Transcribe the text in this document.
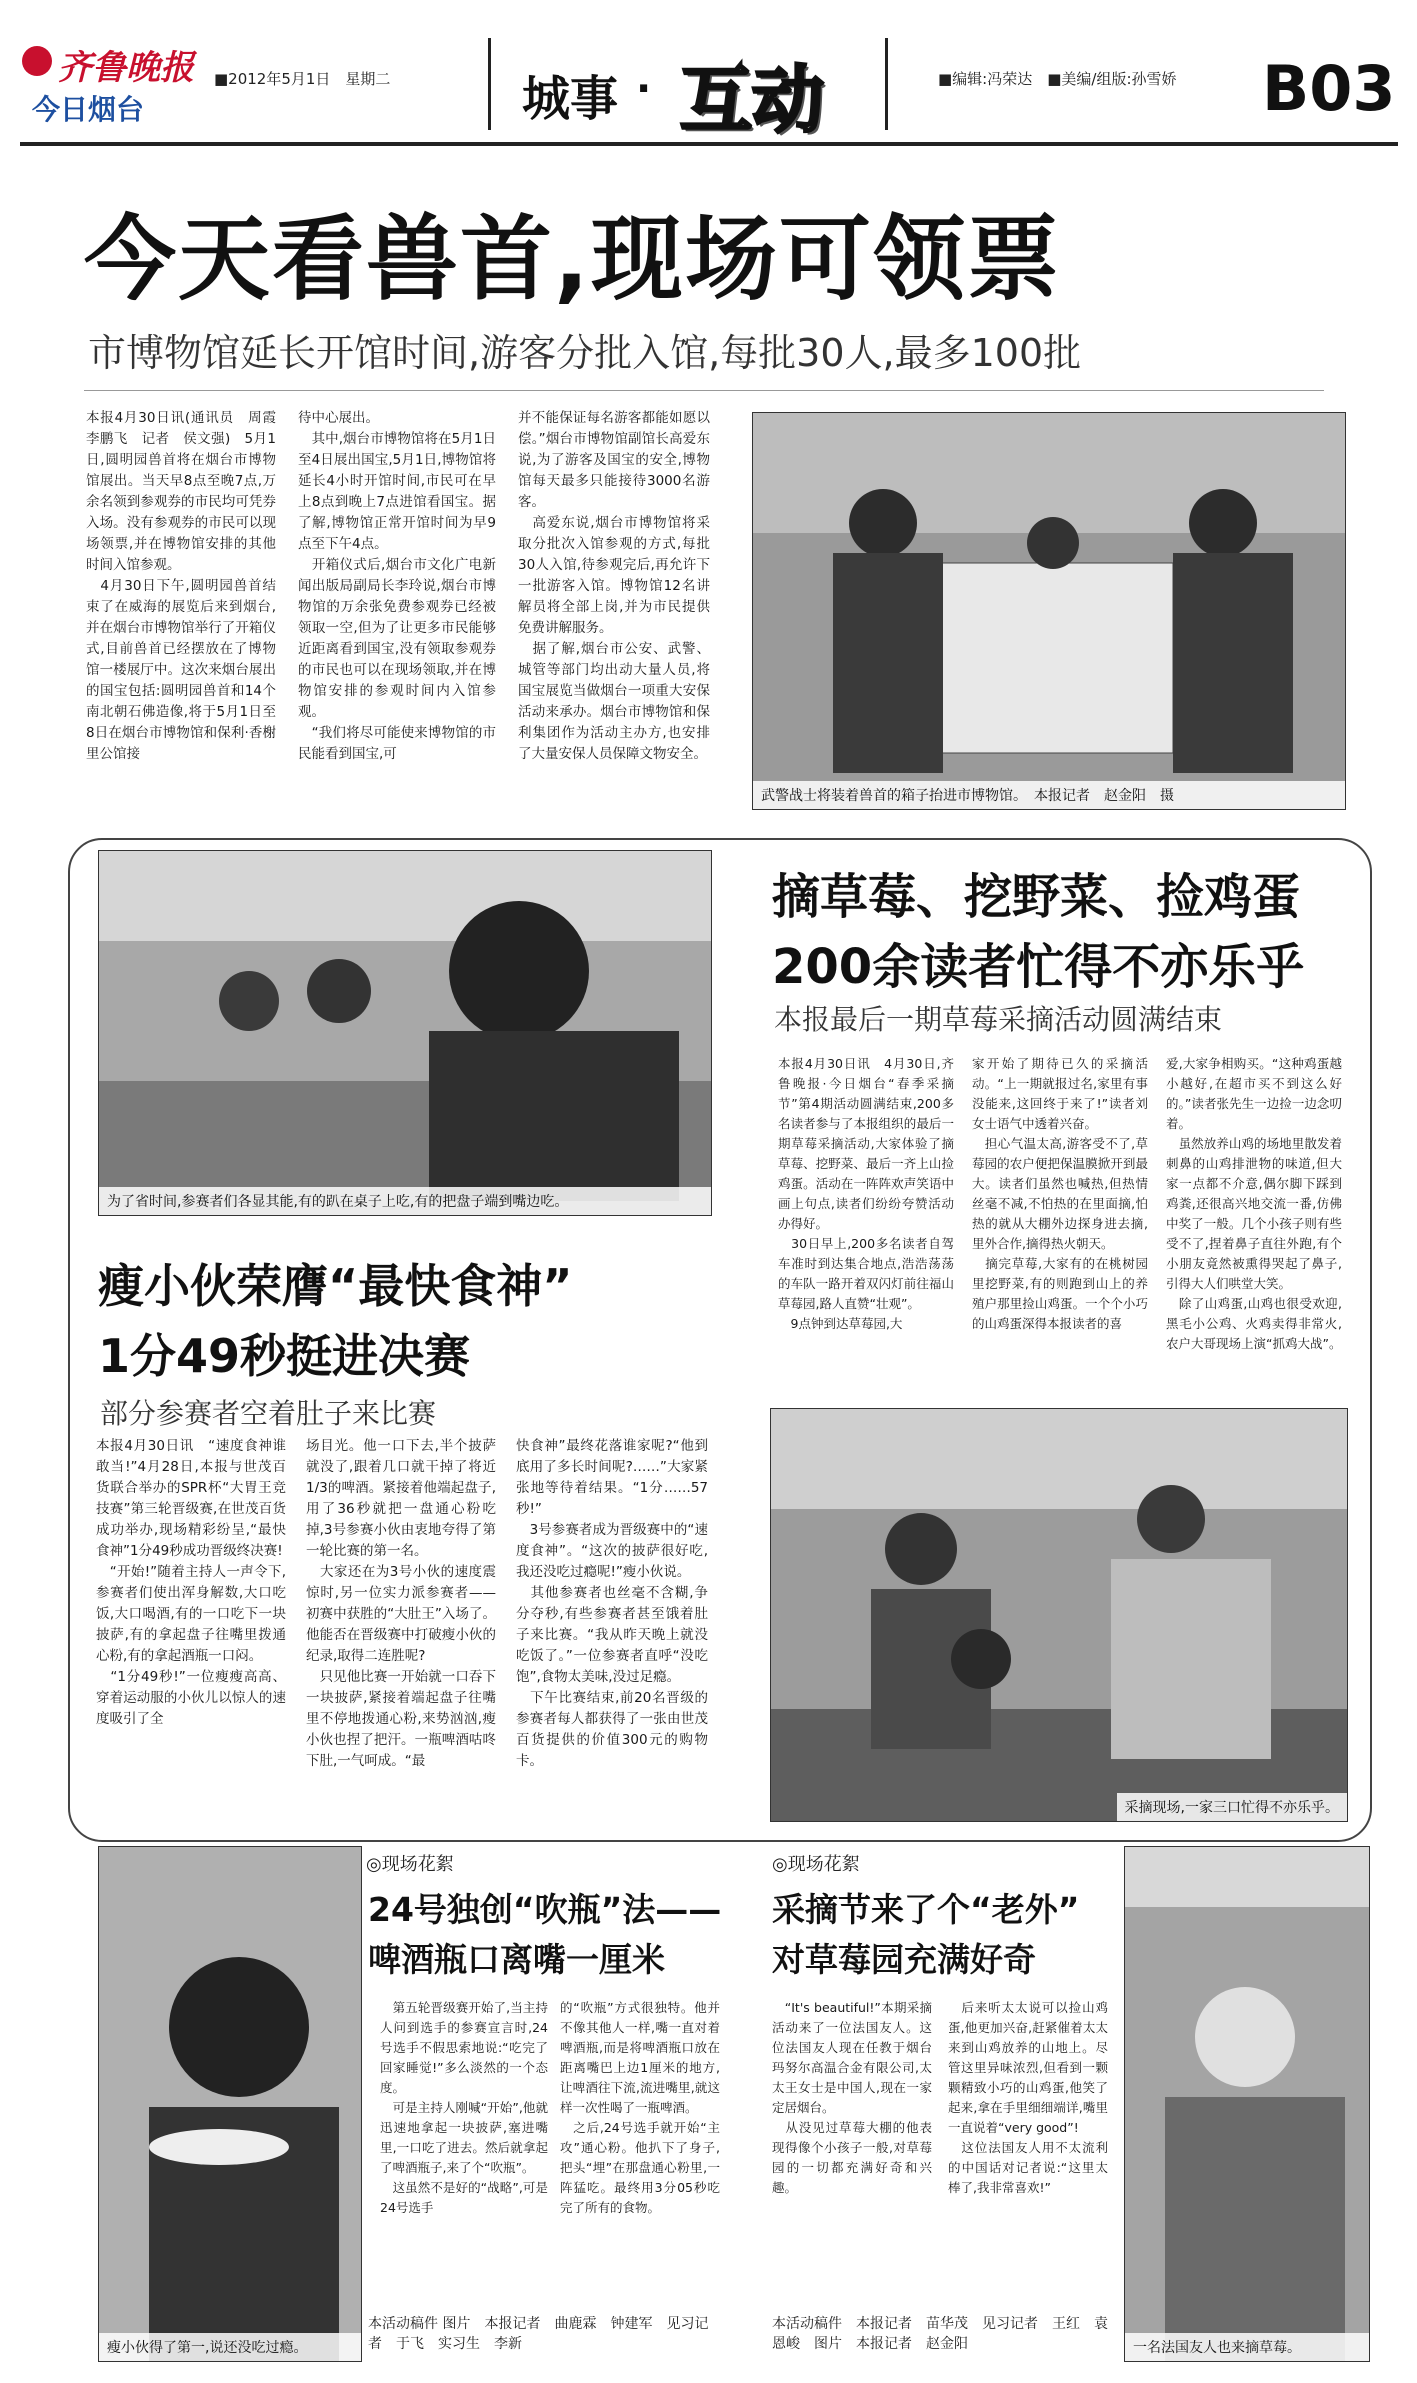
齐鲁晚报
今日烟台
■2012年5月1日　星期二	城事 · 互动	■编辑:冯荣达　■美编/组版:孙雪娇 B03
今天看兽首,现场可领票
市博物馆延长开馆时间,游客分批入馆,每批30人,最多100批
本报4月30日讯(通讯员　周霞　李鹏飞　记者　侯文强)　5月1日,圆明园兽首将在烟台市博物馆展出。当天早8点至晚7点,万余名领到参观券的市民均可凭券入场。没有参观券的市民可以现场领票,并在博物馆安排的其他时间入馆参观。
　4月30日下午,圆明园兽首结束了在威海的展览后来到烟台,并在烟台市博物馆举行了开箱仪式,目前兽首已经摆放在了博物馆一楼展厅中。这次来烟台展出的国宝包括:圆明园兽首和14个南北朝石佛造像,将于5月1日至8日在烟台市博物馆和保利·香榭里公馆接
待中心展出。
　其中,烟台市博物馆将在5月1日至4日展出国宝,5月1日,博物馆将延长4小时开馆时间,市民可在早上8点到晚上7点进馆看国宝。据了解,博物馆正常开馆时间为早9点至下午4点。
　开箱仪式后,烟台市文化广电新闻出版局副局长李玲说,烟台市博物馆的万余张免费参观券已经被领取一空,但为了让更多市民能够近距离看到国宝,没有领取参观券的市民也可以在现场领取,并在博物馆安排的参观时间内入馆参观。
　“我们将尽可能使来博物馆的市民能看到国宝,可
并不能保证每名游客都能如愿以偿。”烟台市博物馆副馆长高爱东说,为了游客及国宝的安全,博物馆每天最多只能接待3000名游客。
　高爱东说,烟台市博物馆将采取分批次入馆参观的方式,每批30人入馆,待参观完后,再允许下一批游客入馆。博物馆12名讲解员将全部上岗,并为市民提供免费讲解服务。
　据了解,烟台市公安、武警、城管等部门均出动大量人员,将国宝展览当做烟台一项重大安保活动来承办。烟台市博物馆和保利集团作为活动主办方,也安排了大量安保人员保障文物安全。
武警战士将装着兽首的箱子抬进市博物馆。　本报记者　赵金阳　摄
为了省时间,参赛者们各显其能,有的趴在桌子上吃,有的把盘子端到嘴边吃。
摘草莓、挖野菜、捡鸡蛋
200余读者忙得不亦乐乎
本报最后一期草莓采摘活动圆满结束
本报4月30日讯　4月30日,齐鲁晚报·今日烟台“春季采摘节”第4期活动圆满结束,200多名读者参与了本报组织的最后一期草莓采摘活动,大家体验了摘草莓、挖野菜、最后一齐上山捡鸡蛋。活动在一阵阵欢声笑语中画上句点,读者们纷纷夸赞活动办得好。
　30日早上,200多名读者自驾车准时到达集合地点,浩浩荡荡的车队一路开着双闪灯前往福山草莓园,路人直赞“壮观”。
　9点钟到达草莓园,大
家开始了期待已久的采摘活动。“上一期就报过名,家里有事没能来,这回终于来了!”读者刘女士语气中透着兴奋。
　担心气温太高,游客受不了,草莓园的农户便把保温膜掀开到最大。读者们虽然也喊热,但热情丝毫不减,不怕热的在里面摘,怕热的就从大棚外边探身进去摘,里外合作,摘得热火朝天。
　摘完草莓,大家有的在桃树园里挖野菜,有的则跑到山上的养殖户那里捡山鸡蛋。一个个小巧的山鸡蛋深得本报读者的喜
爱,大家争相购买。“这种鸡蛋越小越好,在超市买不到这么好的。”读者张先生一边捡一边念叨着。
　虽然放养山鸡的场地里散发着刺鼻的山鸡排泄物的味道,但大家一点都不介意,偶尔脚下踩到鸡粪,还很高兴地交流一番,仿佛中奖了一般。几个小孩子则有些受不了,捏着鼻子直往外跑,有个小朋友竟然被熏得哭起了鼻子,引得大人们哄堂大笑。
　除了山鸡蛋,山鸡也很受欢迎,黑毛小公鸡、火鸡卖得非常火,农户大哥现场上演“抓鸡大战”。
瘦小伙荣膺“最快食神”
1分49秒挺进决赛
部分参赛者空着肚子来比赛
本报4月30日讯　“速度食神谁敢当!”4月28日,本报与世茂百货联合举办的SPR杯“大胃王竞技赛”第三轮晋级赛,在世茂百货成功举办,现场精彩纷呈,“最快食神”1分49秒成功晋级终决赛!
　“开始!”随着主持人一声令下,参赛者们使出浑身解数,大口吃饭,大口喝酒,有的一口吃下一块披萨,有的拿起盘子往嘴里拨通心粉,有的拿起酒瓶一口闷。
　“1分49秒!”一位瘦瘦高高、穿着运动服的小伙儿以惊人的速度吸引了全
场目光。他一口下去,半个披萨就没了,跟着几口就干掉了将近1/3的啤酒。紧接着他端起盘子,用了36秒就把一盘通心粉吃掉,3号参赛小伙由衷地夸得了第一轮比赛的第一名。
　大家还在为3号小伙的速度震惊时,另一位实力派参赛者——初赛中获胜的“大肚王”入场了。他能否在晋级赛中打破瘦小伙的纪录,取得二连胜呢?
　只见他比赛一开始就一口吞下一块披萨,紧接着端起盘子往嘴里不停地拨通心粉,来势汹汹,瘦小伙也捏了把汗。一瓶啤酒咕咚下肚,一气呵成。“最
快食神”最终花落谁家呢?“他到底用了多长时间呢?……”大家紧张地等待着结果。“1分……57秒!”
　3号参赛者成为晋级赛中的“速度食神”。“这次的披萨很好吃,我还没吃过瘾呢!”瘦小伙说。
　其他参赛者也丝毫不含糊,争分夺秒,有些参赛者甚至饿着肚子来比赛。“我从昨天晚上就没吃饭了。”一位参赛者直呼“没吃饱”,食物太美味,没过足瘾。
　下午比赛结束,前20名晋级的参赛者每人都获得了一张由世茂百货提供的价值300元的购物卡。
采摘现场,一家三口忙得不亦乐乎。
瘦小伙得了第一,说还没吃过瘾。
◎现场花絮
24号独创“吹瓶”法——
啤酒瓶口离嘴一厘米
　第五轮晋级赛开始了,当主持人问到选手的参赛宣言时,24号选手不假思索地说:“吃完了回家睡觉!”多么淡然的一个态度。
　可是主持人刚喊“开始”,他就迅速地拿起一块披萨,塞进嘴里,一口吃了进去。然后就拿起了啤酒瓶子,来了个“吹瓶”。
　这虽然不是好的“战略”,可是24号选手
的“吹瓶”方式很独特。他并不像其他人一样,嘴一直对着啤酒瓶,而是将啤酒瓶口放在距离嘴巴上边1厘米的地方,让啤酒往下流,流进嘴里,就这样一次性喝了一瓶啤酒。
　之后,24号选手就开始“主攻”通心粉。他扒下了身子,把头“埋”在那盘通心粉里,一阵猛吃。最终用3分05秒吃完了所有的食物。
本活动稿件 图片　本报记者　曲鹿霖　钟建军　见习记者　于飞　实习生　李新
◎现场花絮
采摘节来了个“老外”
对草莓园充满好奇
　“It's beautiful!”本期采摘活动来了一位法国友人。这位法国友人现在任教于烟台玛努尔高温合金有限公司,太太王女士是中国人,现在一家定居烟台。
　从没见过草莓大棚的他表现得像个小孩子一般,对草莓园的一切都充满好奇和兴趣。
　后来听太太说可以捡山鸡蛋,他更加兴奋,赶紧催着太太来到山鸡放养的山地上。尽管这里异味浓烈,但看到一颗颗精致小巧的山鸡蛋,他笑了起来,拿在手里细细端详,嘴里一直说着“very good”!
　这位法国友人用不太流利的中国话对记者说:“这里太棒了,我非常喜欢!”
本活动稿件　本报记者　苗华茂　见习记者　王红　袁恩峻　图片　本报记者　赵金阳	一名法国友人也来摘草莓。
